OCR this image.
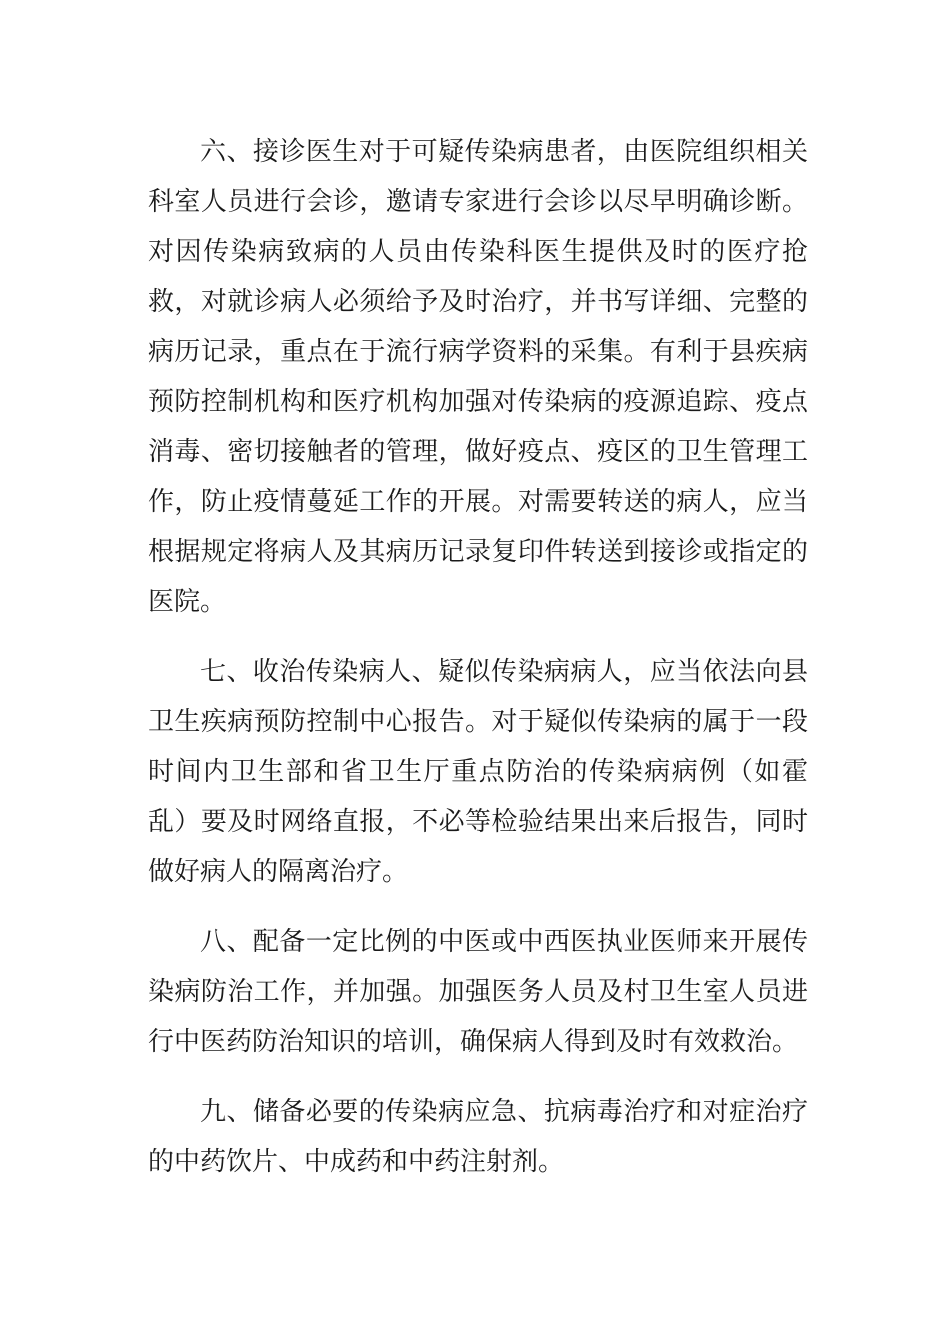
六、接诊医生对于可疑传染病患者，由医院组织相关
科室人员进行会诊，邀请专家进行会诊以尽早明确诊断。
对因传染病致病的人员由传染科医生提供及时的医疗抢
救，对就诊病人必须给予及时治疗，并书写详细、完整的
病历记录，重点在于流行病学资料的采集。有利于县疾病
预防控制机构和医疗机构加强对传染病的疫源追踪、疫点
消毒、密切接触者的管理，做好疫点、疫区的卫生管理工
作，防止疫情蔓延工作的开展。对需要转送的病人，应当
根据规定将病人及其病历记录复印件转送到接诊或指定的
医院。
七、收治传染病人、疑似传染病病人，应当依法向县
卫生疾病预防控制中心报告。对于疑似传染病的属于一段
时间内卫生部和省卫生厅重点防治的传染病病例（如霍
乱）要及时网络直报，不必等检验结果出来后报告，同时
做好病人的隔离治疗。
八、配备一定比例的中医或中西医执业医师来开展传
染病防治工作，并加强。加强医务人员及村卫生室人员进
行中医药防治知识的培训，确保病人得到及时有效救治。
九、储备必要的传染病应急、抗病毒治疗和对症治疗
的中药饮片、中成药和中药注射剂。
